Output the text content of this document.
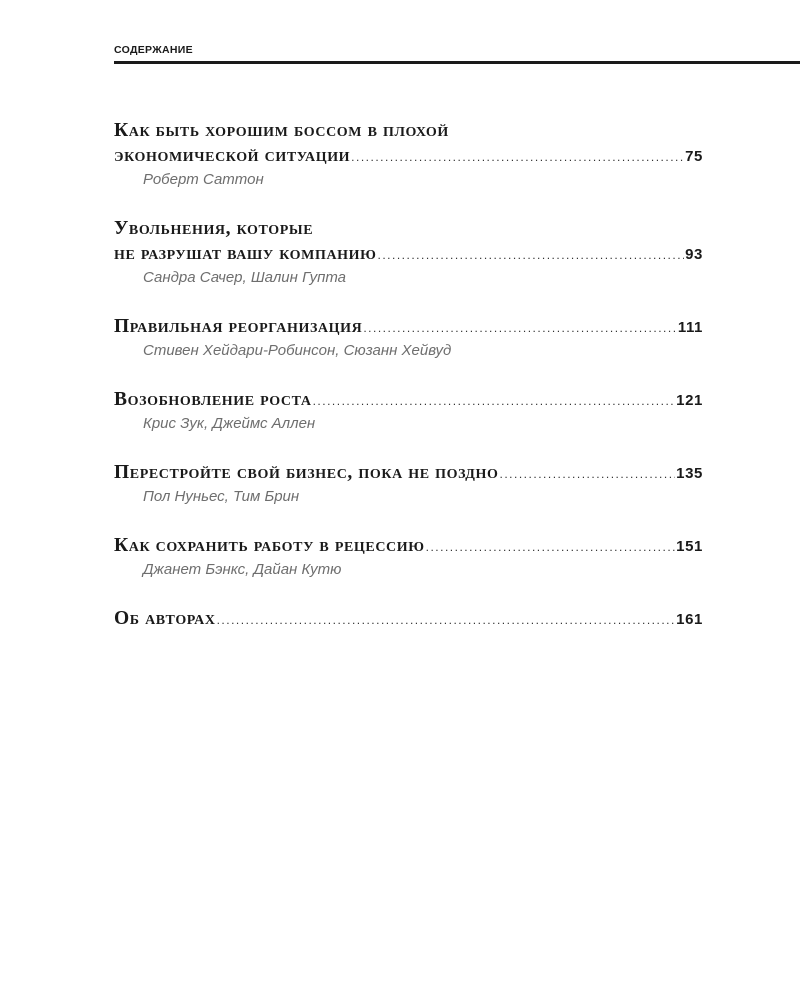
СОДЕРЖАНИЕ
Как быть хорошим боссом в плохой
экономической ситуации .....	75
Роберт Саттон
Увольнения, которые
не разрушат вашу компанию .....	93
Сандра Сачер, Шалин Гупта
Правильная реорганизация .....	111
Стивен Хейдари-Робинсон, Сюзанн Хейвуд
Возобновление роста .....	121
Крис Зук, Джеймс Аллен
Перестройте свой бизнес, пока не поздно .....	135
Пол Нуньес, Тим Брин
Как сохранить работу в рецессию .....	151
Джанет Бэнкс, Дайан Кутю
Об авторах .....	161
